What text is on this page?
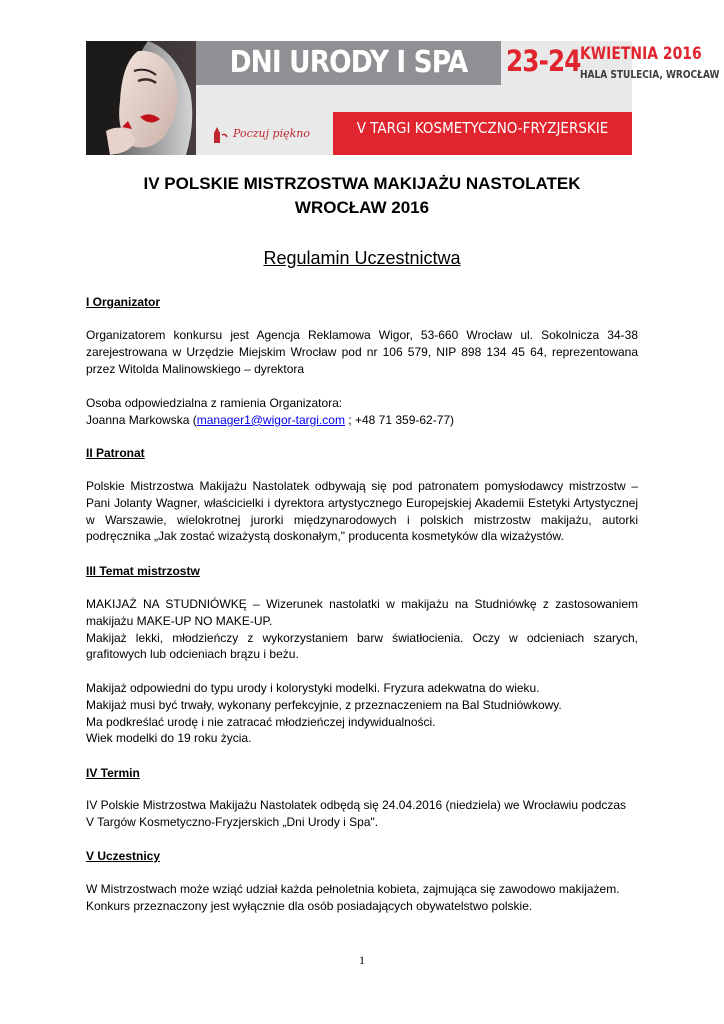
DNI URODY I SPA	23-24 KWIETNIA 2016
HALA STULECIA, WROCŁAW
Poczuj piękno	V TARGI KOSMETYCZNO-FRYZJERSKIE
IV POLSKIE MISTRZOSTWA MAKIJAŻU NASTOLATEK
WROCŁAW 2016
Regulamin Uczestnictwa
I Organizator
Organizatorem konkursu jest Agencja Reklamowa Wigor, 53-660 Wrocław ul. Sokolnicza 34-38
zarejestrowana w Urzędzie Miejskim Wrocław pod nr 106 579, NIP 898 134 45 64, reprezentowana
przez Witolda Malinowskiego – dyrektora
Osoba odpowiedzialna z ramienia Organizatora:
Joanna Markowska (manager1@wigor-targi.com ; +48 71 359-62-77)
II Patronat
Polskie Mistrzostwa Makijażu Nastolatek odbywają się pod patronatem pomysłodawcy mistrzostw –
Pani Jolanty Wagner, właścicielki i dyrektora artystycznego Europejskiej Akademii Estetyki Artystycznej
w Warszawie, wielokrotnej jurorki międzynarodowych i polskich mistrzostw makijażu, autorki
podręcznika „Jak zostać wizażystą doskonałym," producenta kosmetyków dla wizażystów.
III Temat mistrzostw
MAKIJAŻ NA STUDNIÓWKĘ – Wizerunek nastolatki w makijażu na Studniówkę z zastosowaniem
makijażu MAKE-UP NO MAKE-UP.
Makijaż lekki, młodzieńczy z wykorzystaniem barw światłocienia. Oczy w odcieniach szarych,
grafitowych lub odcieniach brązu i beżu.
Makijaż odpowiedni do typu urody i kolorystyki modelki. Fryzura adekwatna do wieku.
Makijaż musi być trwały, wykonany perfekcyjnie, z przeznaczeniem na Bal Studniówkowy.
Ma podkreślać urodę i nie zatracać młodzieńczej indywidualności.
Wiek modelki do 19 roku życia.
IV Termin
IV Polskie Mistrzostwa Makijażu Nastolatek odbędą się 24.04.2016 (niedziela) we Wrocławiu podczas
V Targów Kosmetyczno-Fryzjerskich „Dni Urody i Spa".
V Uczestnicy
W Mistrzostwach może wziąć udział każda pełnoletnia kobieta, zajmująca się zawodowo makijażem.
Konkurs przeznaczony jest wyłącznie dla osób posiadających obywatelstwo polskie.
1
